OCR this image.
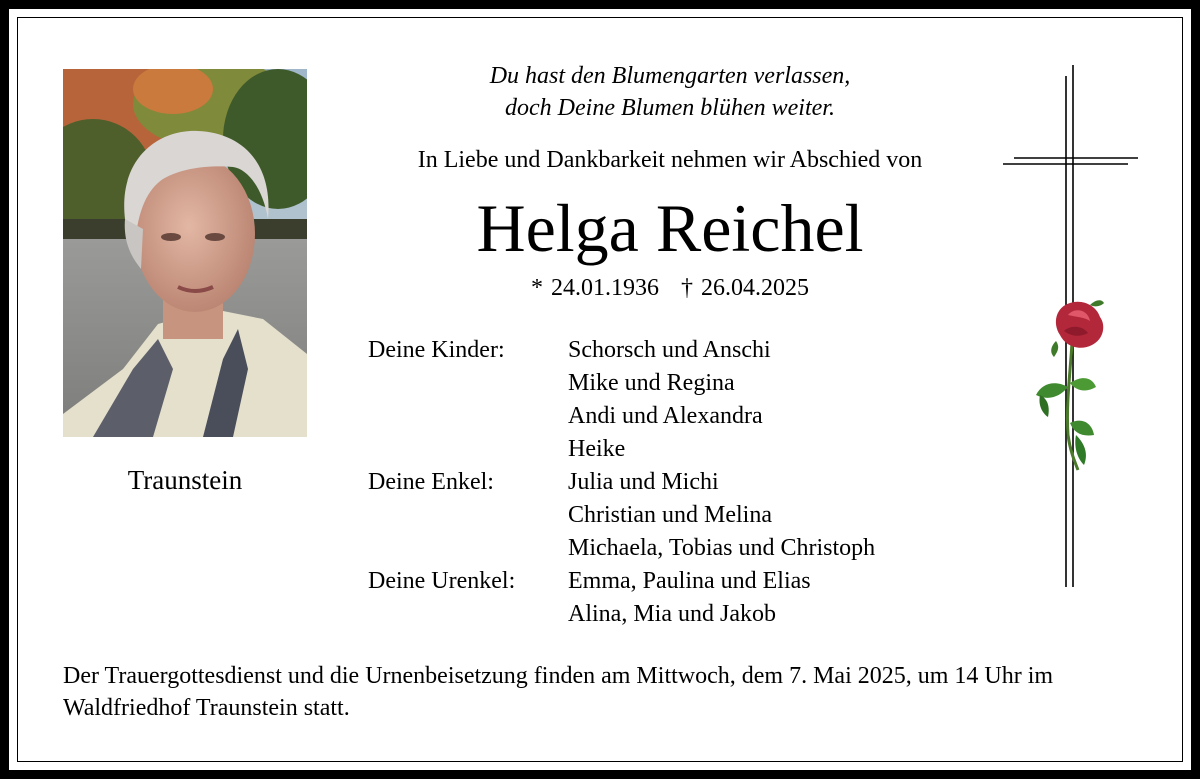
Traunstein
Du hast den Blumengarten verlassen,
doch Deine Blumen blühen weiter.
In Liebe und Dankbarkeit nehmen wir Abschied von
Helga Reichel
* 24.01.1936 † 26.04.2025
Deine Kinder:	Schorsch und Anschi
Mike und Regina
Andi und Alexandra
Heike
Deine Enkel:	Julia und Michi
Christian und Melina
Michaela, Tobias und Christoph
Deine Urenkel:	Emma, Paulina und Elias
Alina, Mia und Jakob
Der Trauergottesdienst und die Urnenbeisetzung finden am Mittwoch, dem 7. Mai 2025, um 14 Uhr im Waldfriedhof Traunstein statt.
